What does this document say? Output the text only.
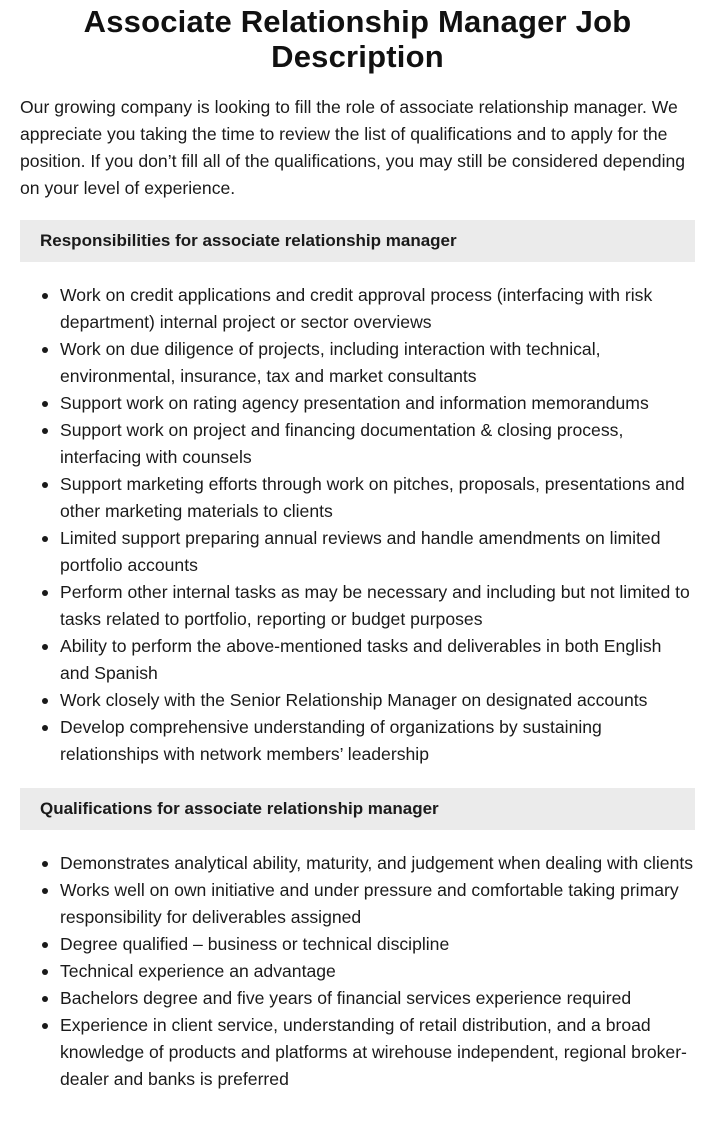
Associate Relationship Manager Job Description

Our growing company is looking to fill the role of associate relationship manager. We appreciate you taking the time to review the list of qualifications and to apply for the position. If you don’t fill all of the qualifications, you may still be considered depending on your level of experience.

Responsibilities for associate relationship manager
Work on credit applications and credit approval process (interfacing with risk department) internal project or sector overviews
Work on due diligence of projects, including interaction with technical, environmental, insurance, tax and market consultants
Support work on rating agency presentation and information memorandums
Support work on project and financing documentation & closing process, interfacing with counsels
Support marketing efforts through work on pitches, proposals, presentations and other marketing materials to clients
Limited support preparing annual reviews and handle amendments on limited portfolio accounts
Perform other internal tasks as may be necessary and including but not limited to tasks related to portfolio, reporting or budget purposes
Ability to perform the above-mentioned tasks and deliverables in both English and Spanish
Work closely with the Senior Relationship Manager on designated accounts
Develop comprehensive understanding of organizations by sustaining relationships with network members’ leadership
Qualifications for associate relationship manager
Demonstrates analytical ability, maturity, and judgement when dealing with clients
Works well on own initiative and under pressure and comfortable taking primary responsibility for deliverables assigned
Degree qualified – business or technical discipline
Technical experience an advantage
Bachelors degree and five years of financial services experience required
Experience in client service, understanding of retail distribution, and a broad knowledge of products and platforms at wirehouse independent, regional broker-dealer and banks is preferred
